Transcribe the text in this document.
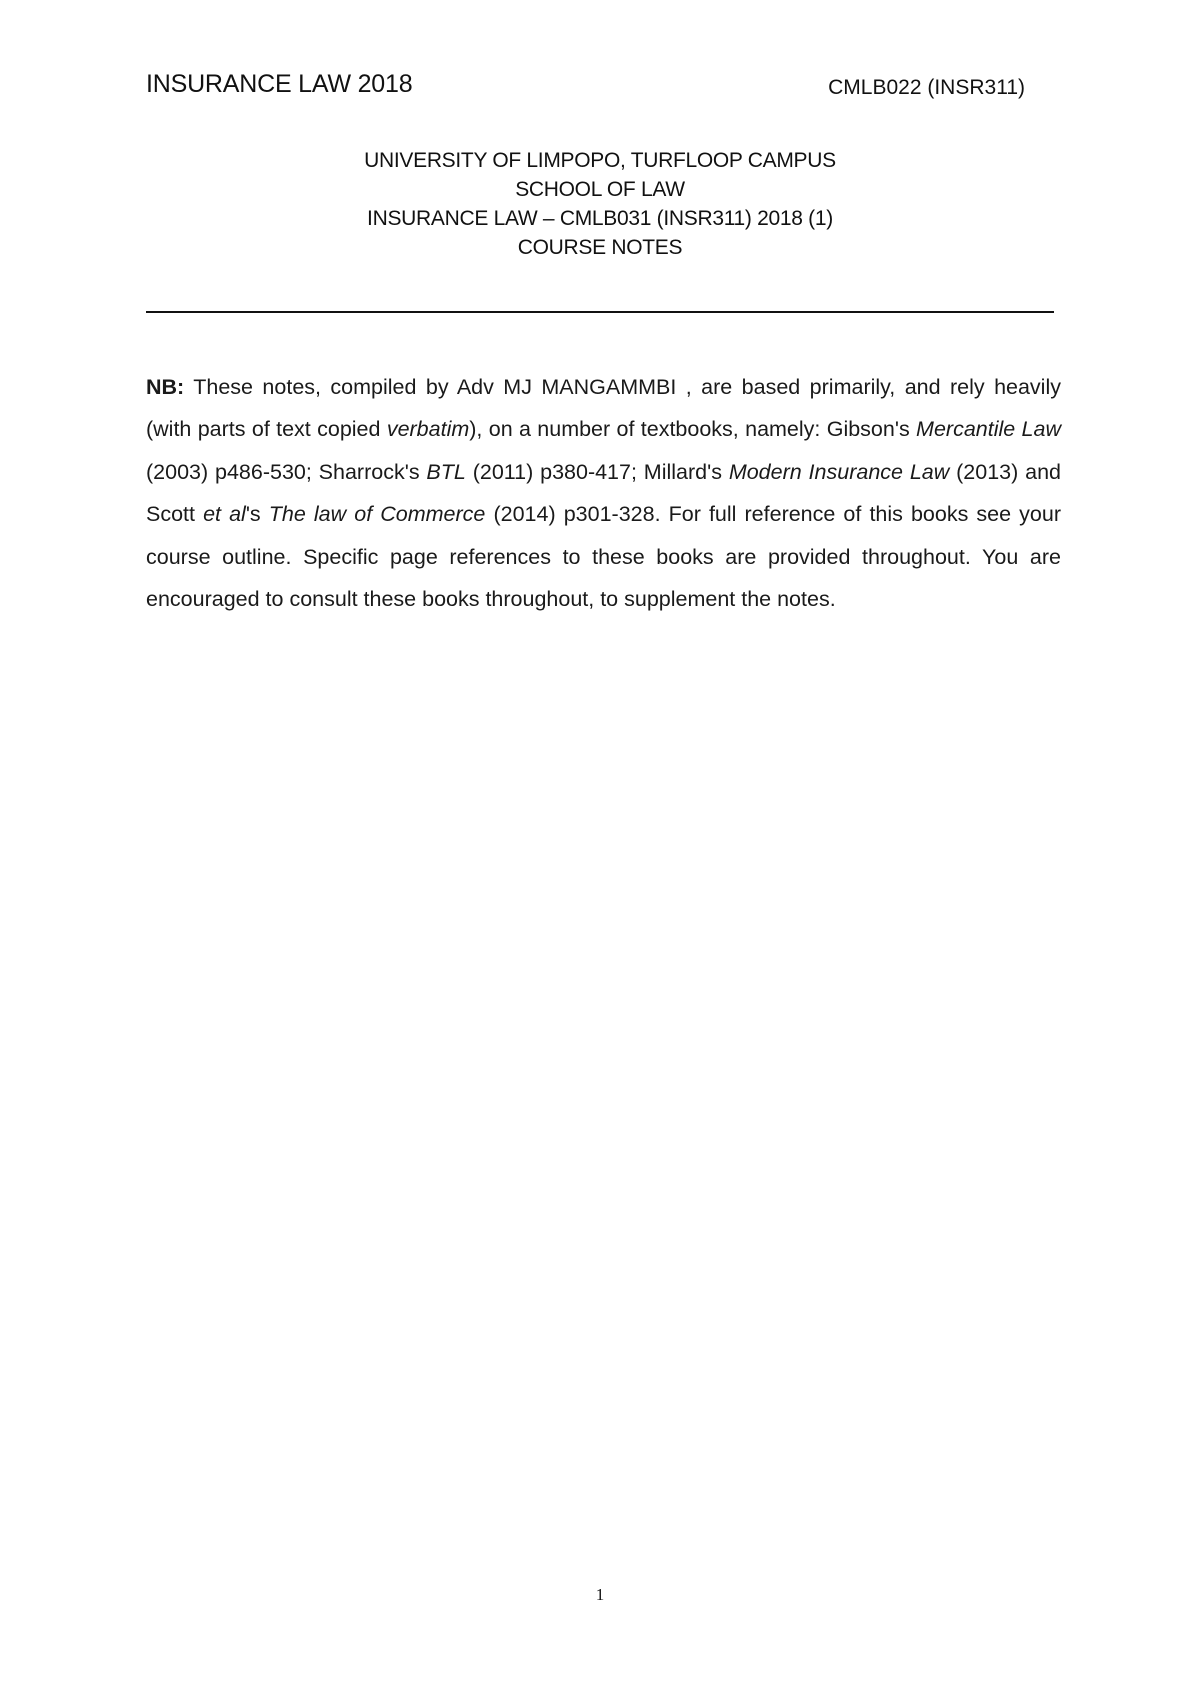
INSURANCE LAW 2018	CMLB022 (INSR311)
UNIVERSITY OF LIMPOPO, TURFLOOP CAMPUS
SCHOOL OF LAW
INSURANCE LAW – CMLB031 (INSR311) 2018 (1)
COURSE NOTES

NB: These notes, compiled by Adv MJ MANGAMMBI , are based primarily, and rely heavily (with parts of text copied verbatim), on a number of textbooks, namely: Gibson's Mercantile Law (2003) p486-530; Sharrock's BTL (2011) p380-417; Millard's Modern Insurance Law (2013) and Scott et al's The law of Commerce (2014) p301-328. For full reference of this books see your course outline. Specific page references to these books are provided throughout. You are encouraged to consult these books throughout, to supplement the notes.

1
